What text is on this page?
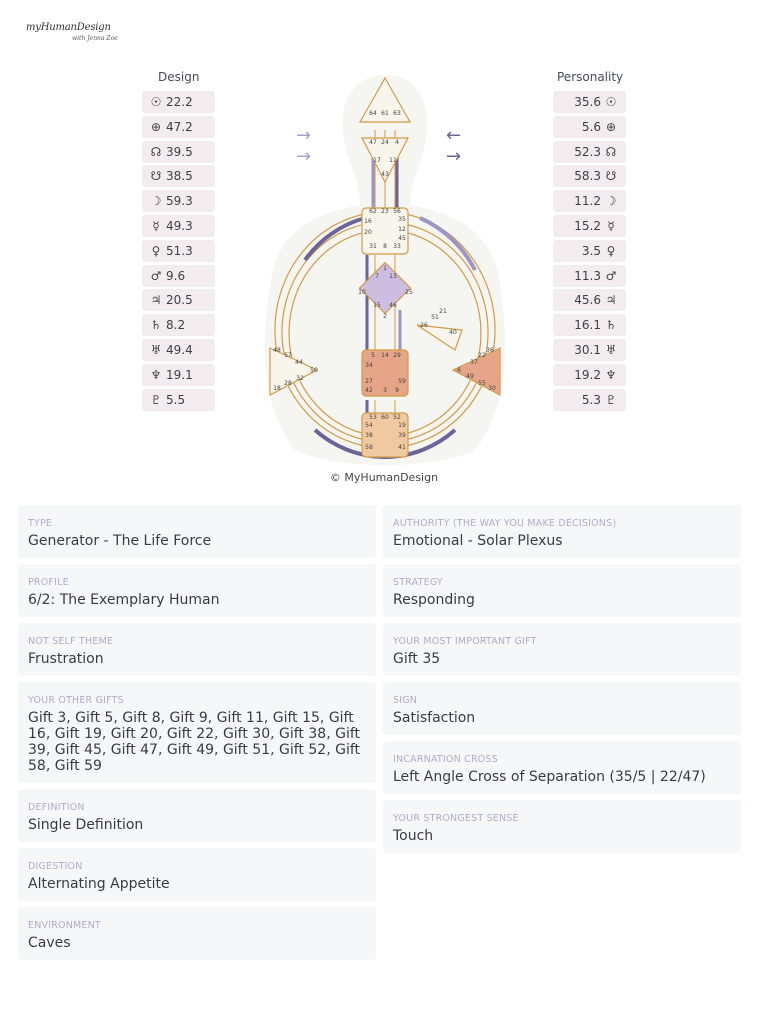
myHumanDesign
with Jenna Zoe
Design	Personality
☉ 22.2
⊕ 47.2
☊ 39.5
☋ 38.5
☽ 59.3
☿ 49.3
♀ 51.3
♂ 9.6
♃ 20.5
♄ 8.2
♅ 49.4
♆ 19.1
♇ 5.5
35.6 ☉
5.6 ⊕
52.3 ☊
58.3 ☋
11.2 ☽
15.2 ☿
3.5 ♀
11.3 ♂
45.6 ♃
16.1 ♄
30.1 ♅
19.2 ♆
5.3 ♇
→
→
←
→
64 61 63
47 24 4
17 11
43
62 23 56
16	35
20	12
45
31 8 33
1
7 13
10	25
15 46
2
21
51
26
40
48
57
44
50
32
28
18
5 14 29
34
27	59
42 3 9
36
22
37
6
49
55
30
53 60 52
54	19
38	39
58	41
© MyHumanDesign
TYPE
Generator - The Life Force
PROFILE
6/2: The Exemplary Human
NOT SELF THEME
Frustration
YOUR OTHER GIFTS
Gift 3, Gift 5, Gift 8, Gift 9, Gift 11, Gift 15, Gift 16, Gift 19, Gift 20, Gift 22, Gift 30, Gift 38, Gift 39, Gift 45, Gift 47, Gift 49, Gift 51, Gift 52, Gift 58, Gift 59
DEFINITION
Single Definition
DIGESTION
Alternating Appetite
ENVIRONMENT
Caves
AUTHORITY (THE WAY YOU MAKE DECISIONS)
Emotional - Solar Plexus
STRATEGY
Responding
YOUR MOST IMPORTANT GIFT
Gift 35
SIGN
Satisfaction
INCARNATION CROSS
Left Angle Cross of Separation (35/5 | 22/47)
YOUR STRONGEST SENSE
Touch
